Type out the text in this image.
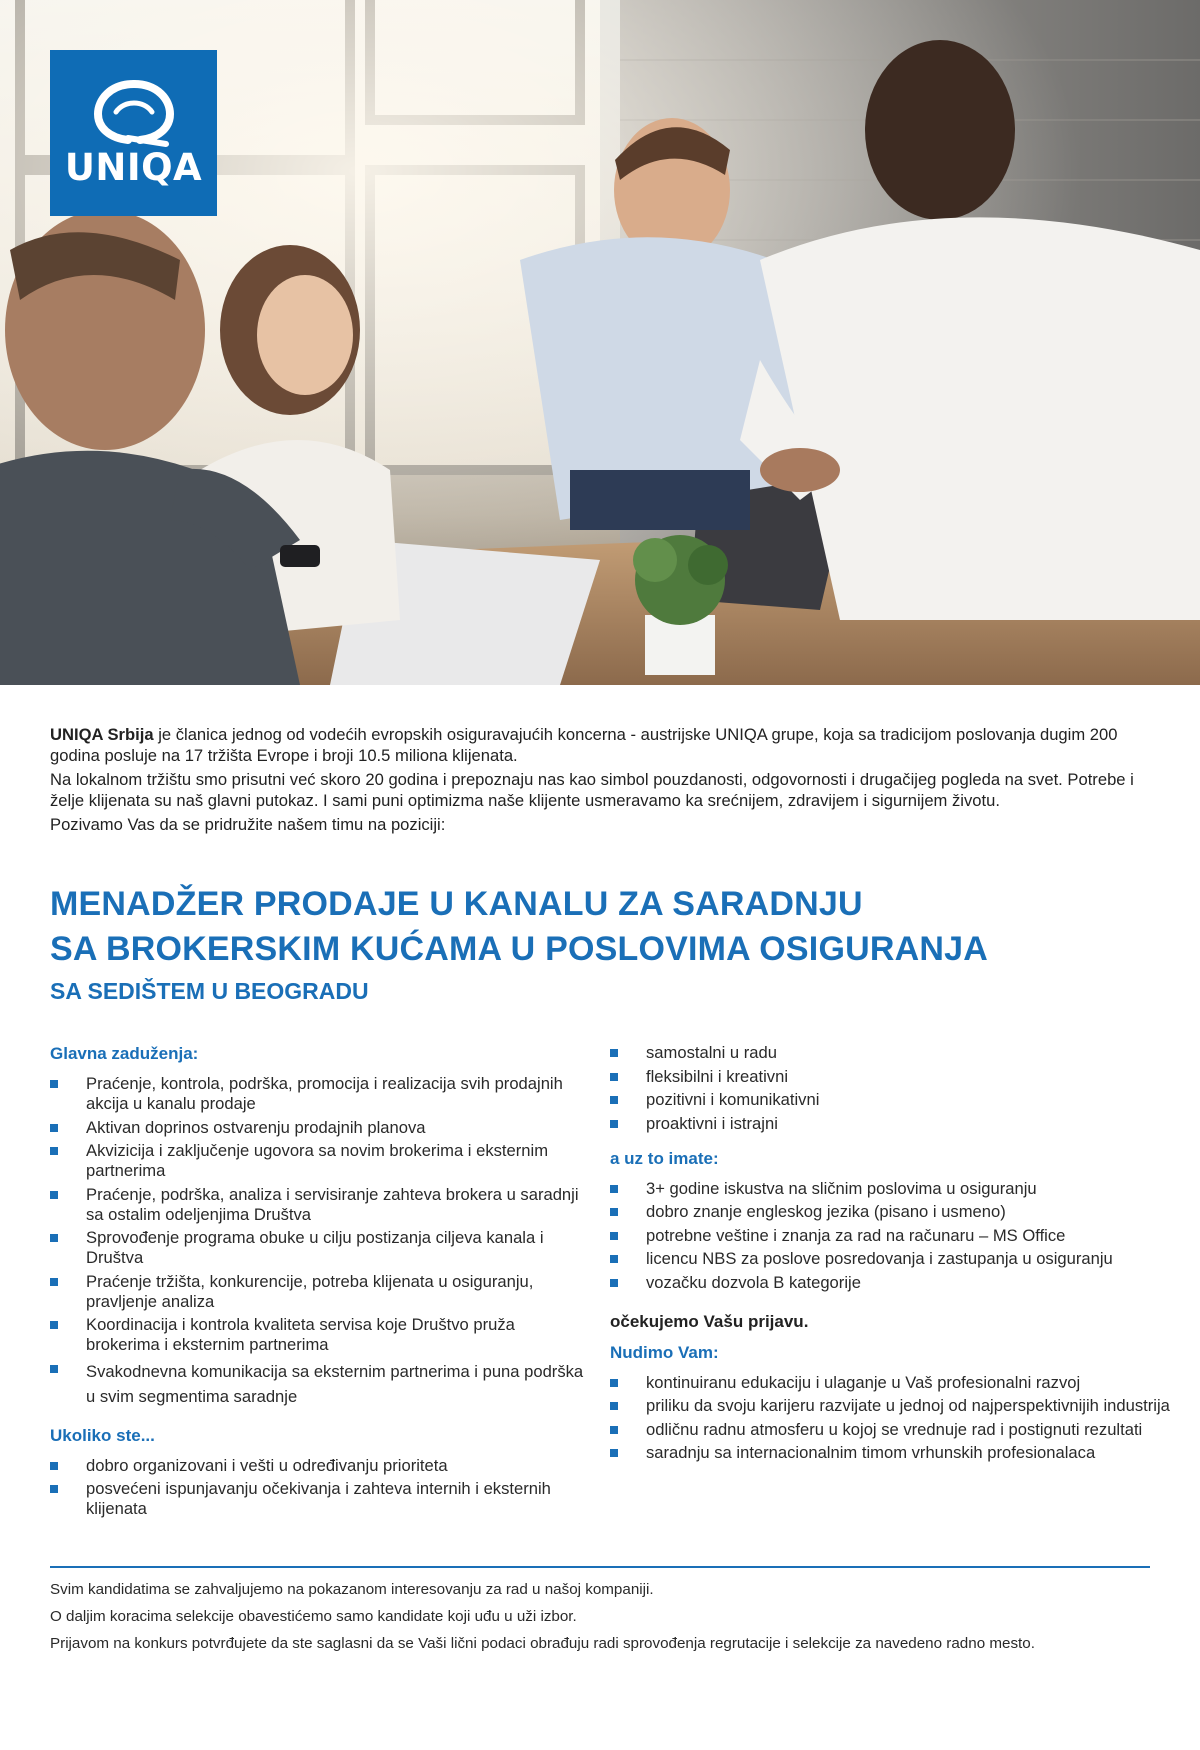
UNIQA

UNIQA Srbija je članica jednog od vodećih evropskih osiguravajućih koncerna - austrijske UNIQA grupe, koja sa tradicijom poslovanja dugim 200 godina posluje na 17 tržišta Evrope i broji 10.5 miliona klijenata.

Na lokalnom tržištu smo prisutni već skoro 20 godina i prepoznaju nas kao simbol pouzdanosti, odgovornosti i drugačijeg pogleda na svet. Potrebe i želje klijenata su naš glavni putokaz. I sami puni optimizma naše klijente usmeravamo ka srećnijem, zdravijem i sigurnijem životu.

Pozivamo Vas da se pridružite našem timu na poziciji:

MENADŽER PRODAJE U KANALU ZA SARADNJU
SA BROKERSKIM KUĆAMA U POSLOVIMA OSIGURANJA
SA SEDIŠTEM U BEOGRADU
Glavna zaduženja:
Praćenje, kontrola, podrška, promocija i realizacija svih prodajnih akcija u kanalu prodaje
Aktivan doprinos ostvarenju prodajnih planova
Akvizicija i zaključenje ugovora sa novim brokerima i eksternim partnerima
Praćenje, podrška, analiza i servisiranje zahteva brokera u saradnji sa ostalim odeljenjima Društva
Sprovođenje programa obuke u cilju postizanja ciljeva kanala i Društva
Praćenje tržišta, konkurencije, potreba klijenata u osiguranju, pravljenje analiza
Koordinacija i kontrola kvaliteta servisa koje Društvo pruža brokerima i eksternim partnerima
Svakodnevna komunikacija sa eksternim partnerima i puna podrška u svim segmentima saradnje
Ukoliko ste...
dobro organizovani i vešti u određivanju prioriteta
posvećeni ispunjavanju očekivanja i zahteva internih i eksternih klijenata
samostalni u radu
fleksibilni i kreativni
pozitivni i komunikativni
proaktivni i istrajni
a uz to imate:
3+ godine iskustva na sličnim poslovima u osiguranju
dobro znanje engleskog jezika (pisano i usmeno)
potrebne veštine i znanja za rad na računaru – MS Office
licencu NBS za poslove posredovanja i zastupanja u osiguranju
vozačku dozvola B kategorije
očekujemo Vašu prijavu.
Nudimo Vam:
kontinuiranu edukaciju i ulaganje u Vaš profesionalni razvoj
priliku da svoju karijeru razvijate u jednoj od najperspektivnijih industrija
odličnu radnu atmosferu u kojoj se vrednuje rad i postignuti rezultati
saradnju sa internacionalnim timom vrhunskih profesionalaca
Svim kandidatima se zahvaljujemo na pokazanom interesovanju za rad u našoj kompaniji.
O daljim koracima selekcije obavestićemo samo kandidate koji uđu u uži izbor.
Prijavom na konkurs potvrđujete da ste saglasni da se Vaši lični podaci obrađuju radi sprovođenja regrutacije i selekcije za navedeno radno mesto.
